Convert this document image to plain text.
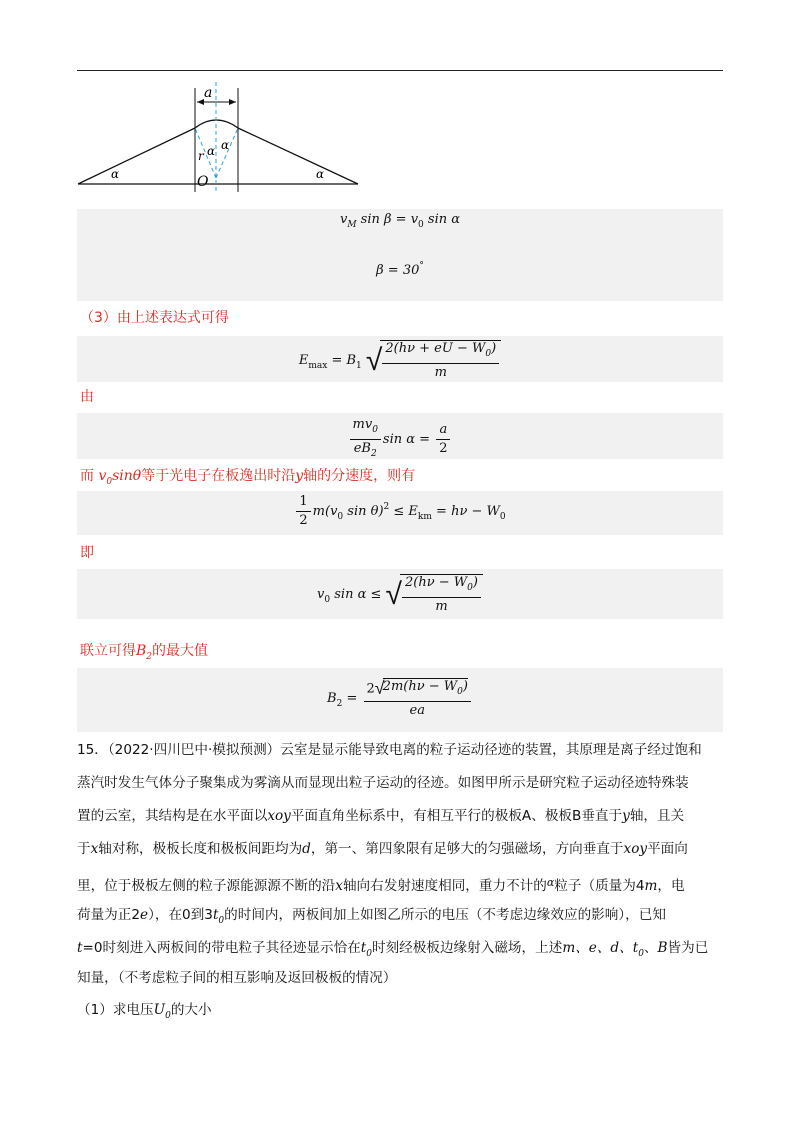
a
α	α
α α
r
O
$v_M$ $\sin \beta = v_0$ sin α
β = 30°
（3）由上述表达式可得
$E_{max} = B_1$ √ $\frac{2(h\nu + eU - W_0)}{m}$
由
$\frac{mv_0}{eB_2}$ $\sin \alpha = \frac{a}{2}$
而 $v_0\sin\theta$等于光电子在板逸出时沿y轴的分速度，则有
$\frac{1}{2} m(v_0$ $\sin \theta)^2 \le E_{km} = h\nu - W_0$
即
$v_0$ sin α ≤ √ $\frac{2(h\nu - W_0)}{m}$
联立可得$B_2$的最大值
$B_2 = \frac{2√2m(h\nu - W_0)}{ea}$
15．（2022·四川巴中·模拟预测）云室是显示能导致电离的粒子运动径迹的装置，其原理是离子经过饱和
蒸汽时发生气体分子聚集成为雾滴从而显现出粒子运动的径迹。如图甲所示是研究粒子运动径迹特殊装
置的云室，其结构是在水平面以xoy平面直角坐标系中，有相互平行的极板A、极板B垂直于y轴，且关
于x轴对称，极板长度和极板间距均为d，第一、第四象限有足够大的匀强磁场，方向垂直于xoy平面向
里，位于极板左侧的粒子源能源源不断的沿x轴向右发射速度相同，重力不计的$^\alpha$粒子（质量为4m，电
荷量为正2e），在0到$3t_0$的时间内，两板间加上如图乙所示的电压（不考虑边缘效应的影响），已知
t=0时刻进入两板间的带电粒子其径迹显示恰在$t_0$时刻经极板边缘射入磁场，上述m、e、d、$t_0$、B皆为已
知量，（不考虑粒子间的相互影响及返回极板的情况）
（1）求电压$U_0$的大小
